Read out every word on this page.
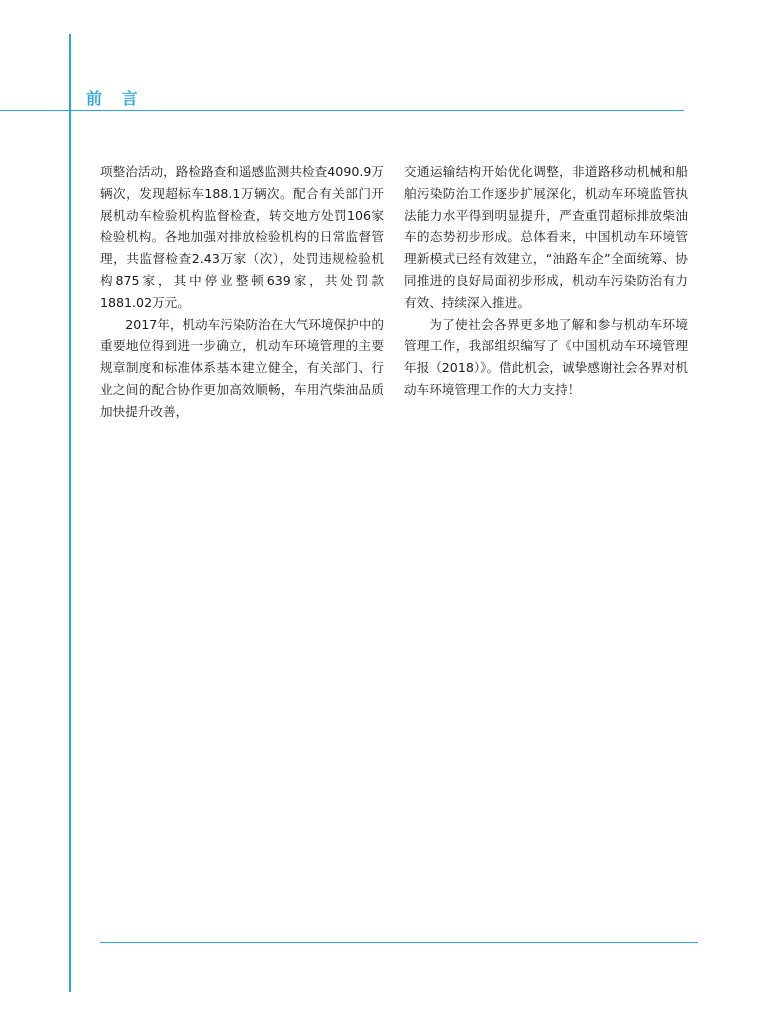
前 言

项整治活动，路检路查和遥感监测共检查4090.9万辆次，发现超标车188.1万辆次。配合有关部门开展机动车检验机构监督检查，转交地方处罚106家检验机构。各地加强对排放检验机构的日常监督管理，共监督检查2.43万家（次），处罚违规检验机构875家，其中停业整顿639家，共处罚款1881.02万元。

2017年，机动车污染防治在大气环境保护中的重要地位得到进一步确立，机动车环境管理的主要规章制度和标准体系基本建立健全，有关部门、行业之间的配合协作更加高效顺畅，车用汽柴油品质加快提升改善，

交通运输结构开始优化调整，非道路移动机械和船舶污染防治工作逐步扩展深化，机动车环境监管执法能力水平得到明显提升，严查重罚超标排放柴油车的态势初步形成。总体看来，中国机动车环境管理新模式已经有效建立，“油路车企”全面统筹、协同推进的良好局面初步形成，机动车污染防治有力有效、持续深入推进。

为了使社会各界更多地了解和参与机动车环境管理工作，我部组织编写了《中国机动车环境管理年报（2018）》。借此机会，诚挚感谢社会各界对机动车环境管理工作的大力支持！
